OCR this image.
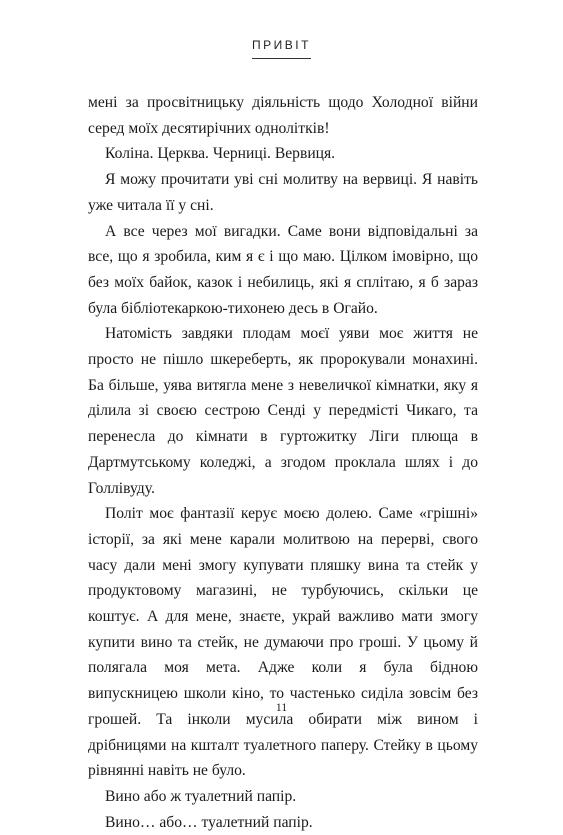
ПРИВІТ

мені за просвітницьку діяльність щодо Холодної війни серед моїх десятирічних однолітків!

Коліна. Церква. Черниці. Вервиця.

Я можу прочитати уві сні молитву на вервиці. Я навіть уже читала її у сні.

А все через мої вигадки. Саме вони відповідальні за все, що я зробила, ким я є і що маю. Цілком імовірно, що без моїх байок, казок і небилиць, які я сплітаю, я б зараз була бібліотекаркою-тихонею десь в Огайо.

Натомість завдяки плодам моєї уяви моє життя не просто не пішло шкереберть, як пророкували монахині. Ба більше, уява витягла мене з невеличкої кімнатки, яку я ділила зі своєю сестрою Сенді у передмісті Чикаго, та перенесла до кімнати в гуртожитку Ліги плюща в Дартмутському коледжі, а згодом проклала шлях і до Голлівуду.

Політ моє фантазії керує моєю долею. Саме «грішні» історії, за які мене карали молитвою на перерві, свого часу дали мені змогу купувати пляшку вина та стейк у продуктовому магазині, не турбуючись, скільки це коштує. А для мене, знаєте, украй важливо мати змогу купити вино та стейк, не думаючи про гроші. У цьому й полягала моя мета. Адже коли я була бідною випускницею школи кіно, то частенько сиділа зовсім без грошей. Та інколи мусила обирати між вином і дрібницями на кшталт туалетного паперу. Стейку в цьому рівнянні навіть не було.

Вино або ж туалетний папір.

Вино… або… туалетний папір.

11
